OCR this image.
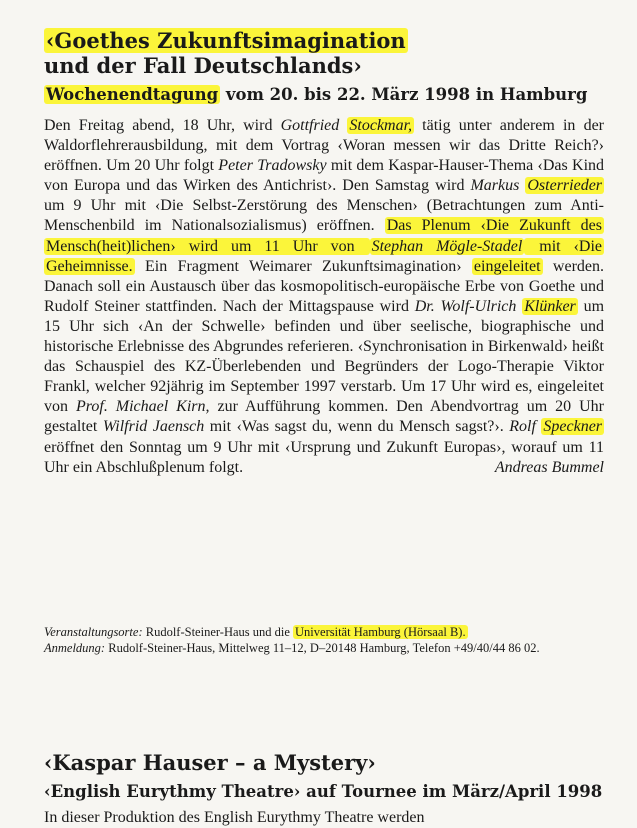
‹Goethes Zukunftsimagination
und der Fall Deutschlands›
Wochenendtagung vom 20. bis 22. März 1998 in Hamburg
Den Freitag abend, 18 Uhr, wird Gottfried Stockmar, tätig unter anderem in der Waldorflehrerausbildung, mit dem Vortrag ‹Woran messen wir das Dritte Reich?› eröffnen. Um 20 Uhr folgt Peter Tradowsky mit dem Kaspar-Hauser-Thema ‹Das Kind von Europa und das Wirken des Antichrist›. Den Samstag wird Markus Osterrieder um 9 Uhr mit ‹Die Selbst-Zerstörung des Menschen› (Betrachtungen zum Anti-Menschenbild im Nationalsozialismus) eröffnen. Das Plenum ‹Die Zukunft des Mensch(heit)lichen› wird um 11 Uhr von Stephan Mögle-Stadel mit ‹Die Geheimnisse. Ein Fragment Weimarer Zukunftsimagination› eingeleitet werden. Danach soll ein Austausch über das kosmopolitisch-europäische Erbe von Goethe und Rudolf Steiner stattfinden. Nach der Mittagspause wird Dr. Wolf-Ulrich Klünker um 15 Uhr sich ‹An der Schwelle› befinden und über seelische, biographische und historische Erlebnisse des Abgrundes referieren. ‹Synchronisation in Birkenwald› heißt das Schauspiel des KZ-Überlebenden und Begründers der Logo-Therapie Viktor Frankl, welcher 92jährig im September 1997 verstarb. Um 17 Uhr wird es, eingeleitet von Prof. Michael Kirn, zur Aufführung kommen. Den Abendvortrag um 20 Uhr gestaltet Wilfrid Jaensch mit ‹Was sagst du, wenn du Mensch sagst?›. Rolf Speckner eröffnet den Sonntag um 9 Uhr mit ‹Ursprung und Zukunft Europas›, worauf um 11 Uhr ein Abschlußplenum folgt.	Andreas Bummel
Veranstaltungsorte: Rudolf-Steiner-Haus und die Universität Hamburg (Hörsaal B).
Anmeldung: Rudolf-Steiner-Haus, Mittelweg 11–12, D–20148 Hamburg, Telefon +49/40/44 86 02.
‹Kaspar Hauser – a Mystery›
‹English Eurythmy Theatre› auf Tournee im März/April 1998
In dieser Produktion des English Eurythmy Theatre werden
